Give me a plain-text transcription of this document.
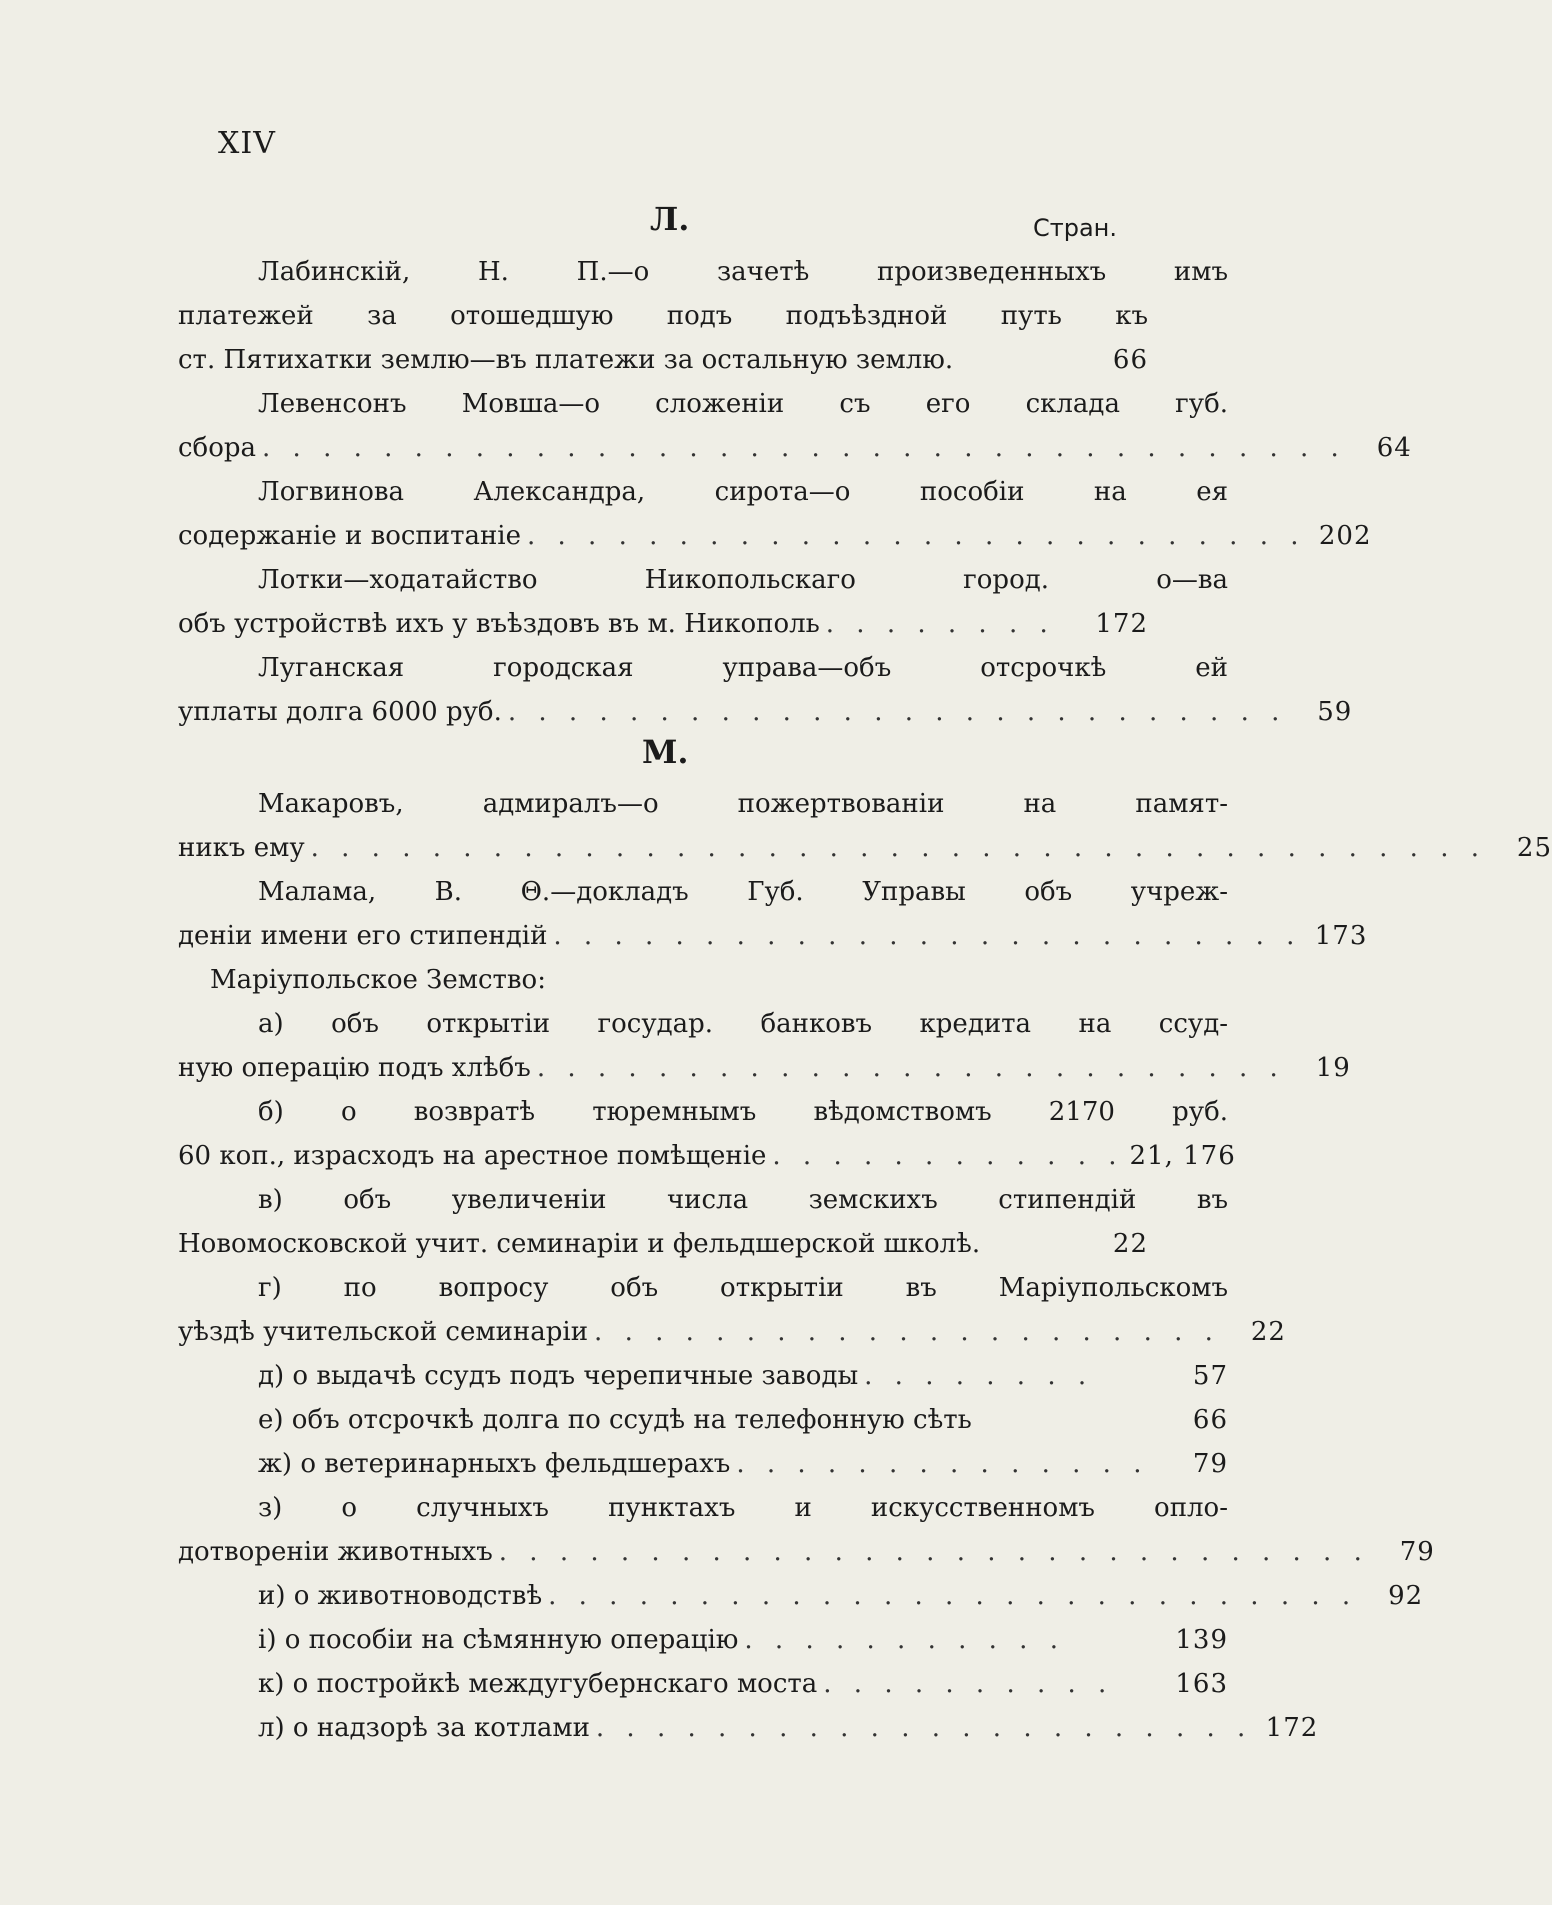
XIV
Л.	Стран.
М.
Лабинскій, Н. П.—о зачетѣ произведенныхъ имъ
платежей за отошедшую подъ подъѣздной путь къ
ст. Пятихатки землю—въ платежи за остальную землю.	66
Левенсонъ Мовша—о сложеніи съ его склада губ.
сбора . . . . . . . . . . . . . . . . . . . . . . . . . . . . . . . . . . . .	64
Логвинова Александра, сирота—о пособіи на ея
содержаніе и воспитаніе . . . . . . . . . . . . . . . . . . . . . . . . . . 202
Лотки—ходатайство Никопольскаго город. о—ва
объ устройствѣ ихъ у въѣздовъ въ м. Никополь . . . . . . . .	172
Луганская городская управа—объ отсрочкѣ ей
уплаты долга 6000 руб. . . . . . . . . . . . . . . . . . . . . . . . . . .	59
Макаровъ, адмиралъ—о пожертвованіи на памят-
никъ ему . . . . . . . . . . . . . . . . . . . . . . . . . . . . . . . . . . . . . . .	25
Малама, В. Θ.—докладъ Губ. Управы объ учреж-
деніи имени его стипендій . . . . . . . . . . . . . . . . . . . . . . . . . 173
Маріупольское Земство:
а) объ открытіи государ. банковъ кредита на ссуд-
ную операцію подъ хлѣбъ . . . . . . . . . . . . . . . . . . . . . . . . .	19
б) о возвратѣ тюремнымъ вѣдомствомъ 2170 руб.
60 коп., израсходъ на арестное помѣщеніе . . . . . . . . . . . . 21, 176
в) объ увеличеніи числа земскихъ стипендій въ
Новомосковской учит. семинаріи и фельдшерской школѣ.	22
г) по вопросу объ открытіи въ Маріупольскомъ
уѣздѣ учительской семинаріи . . . . . . . . . . . . . . . . . . . . .	22
д) о выдачѣ ссудъ подъ черепичные заводы . . . . . . . .	57
е) объ отсрочкѣ долга по ссудѣ на телефонную сѣть	66
ж) о ветеринарныхъ фельдшерахъ . . . . . . . . . . . . . .	79
з) о случныхъ пунктахъ и искусственномъ опло-
дотвореніи животныхъ . . . . . . . . . . . . . . . . . . . . . . . . . . . . .	79
и) о животноводствѣ . . . . . . . . . . . . . . . . . . . . . . . . . . .	92
і) о пособіи на сѣмянную операцію . . . . . . . . . . .	139
к) о постройкѣ междугубернскаго моста . . . . . . . . . .	163
л) о надзорѣ за котлами . . . . . . . . . . . . . . . . . . . . . . 172
